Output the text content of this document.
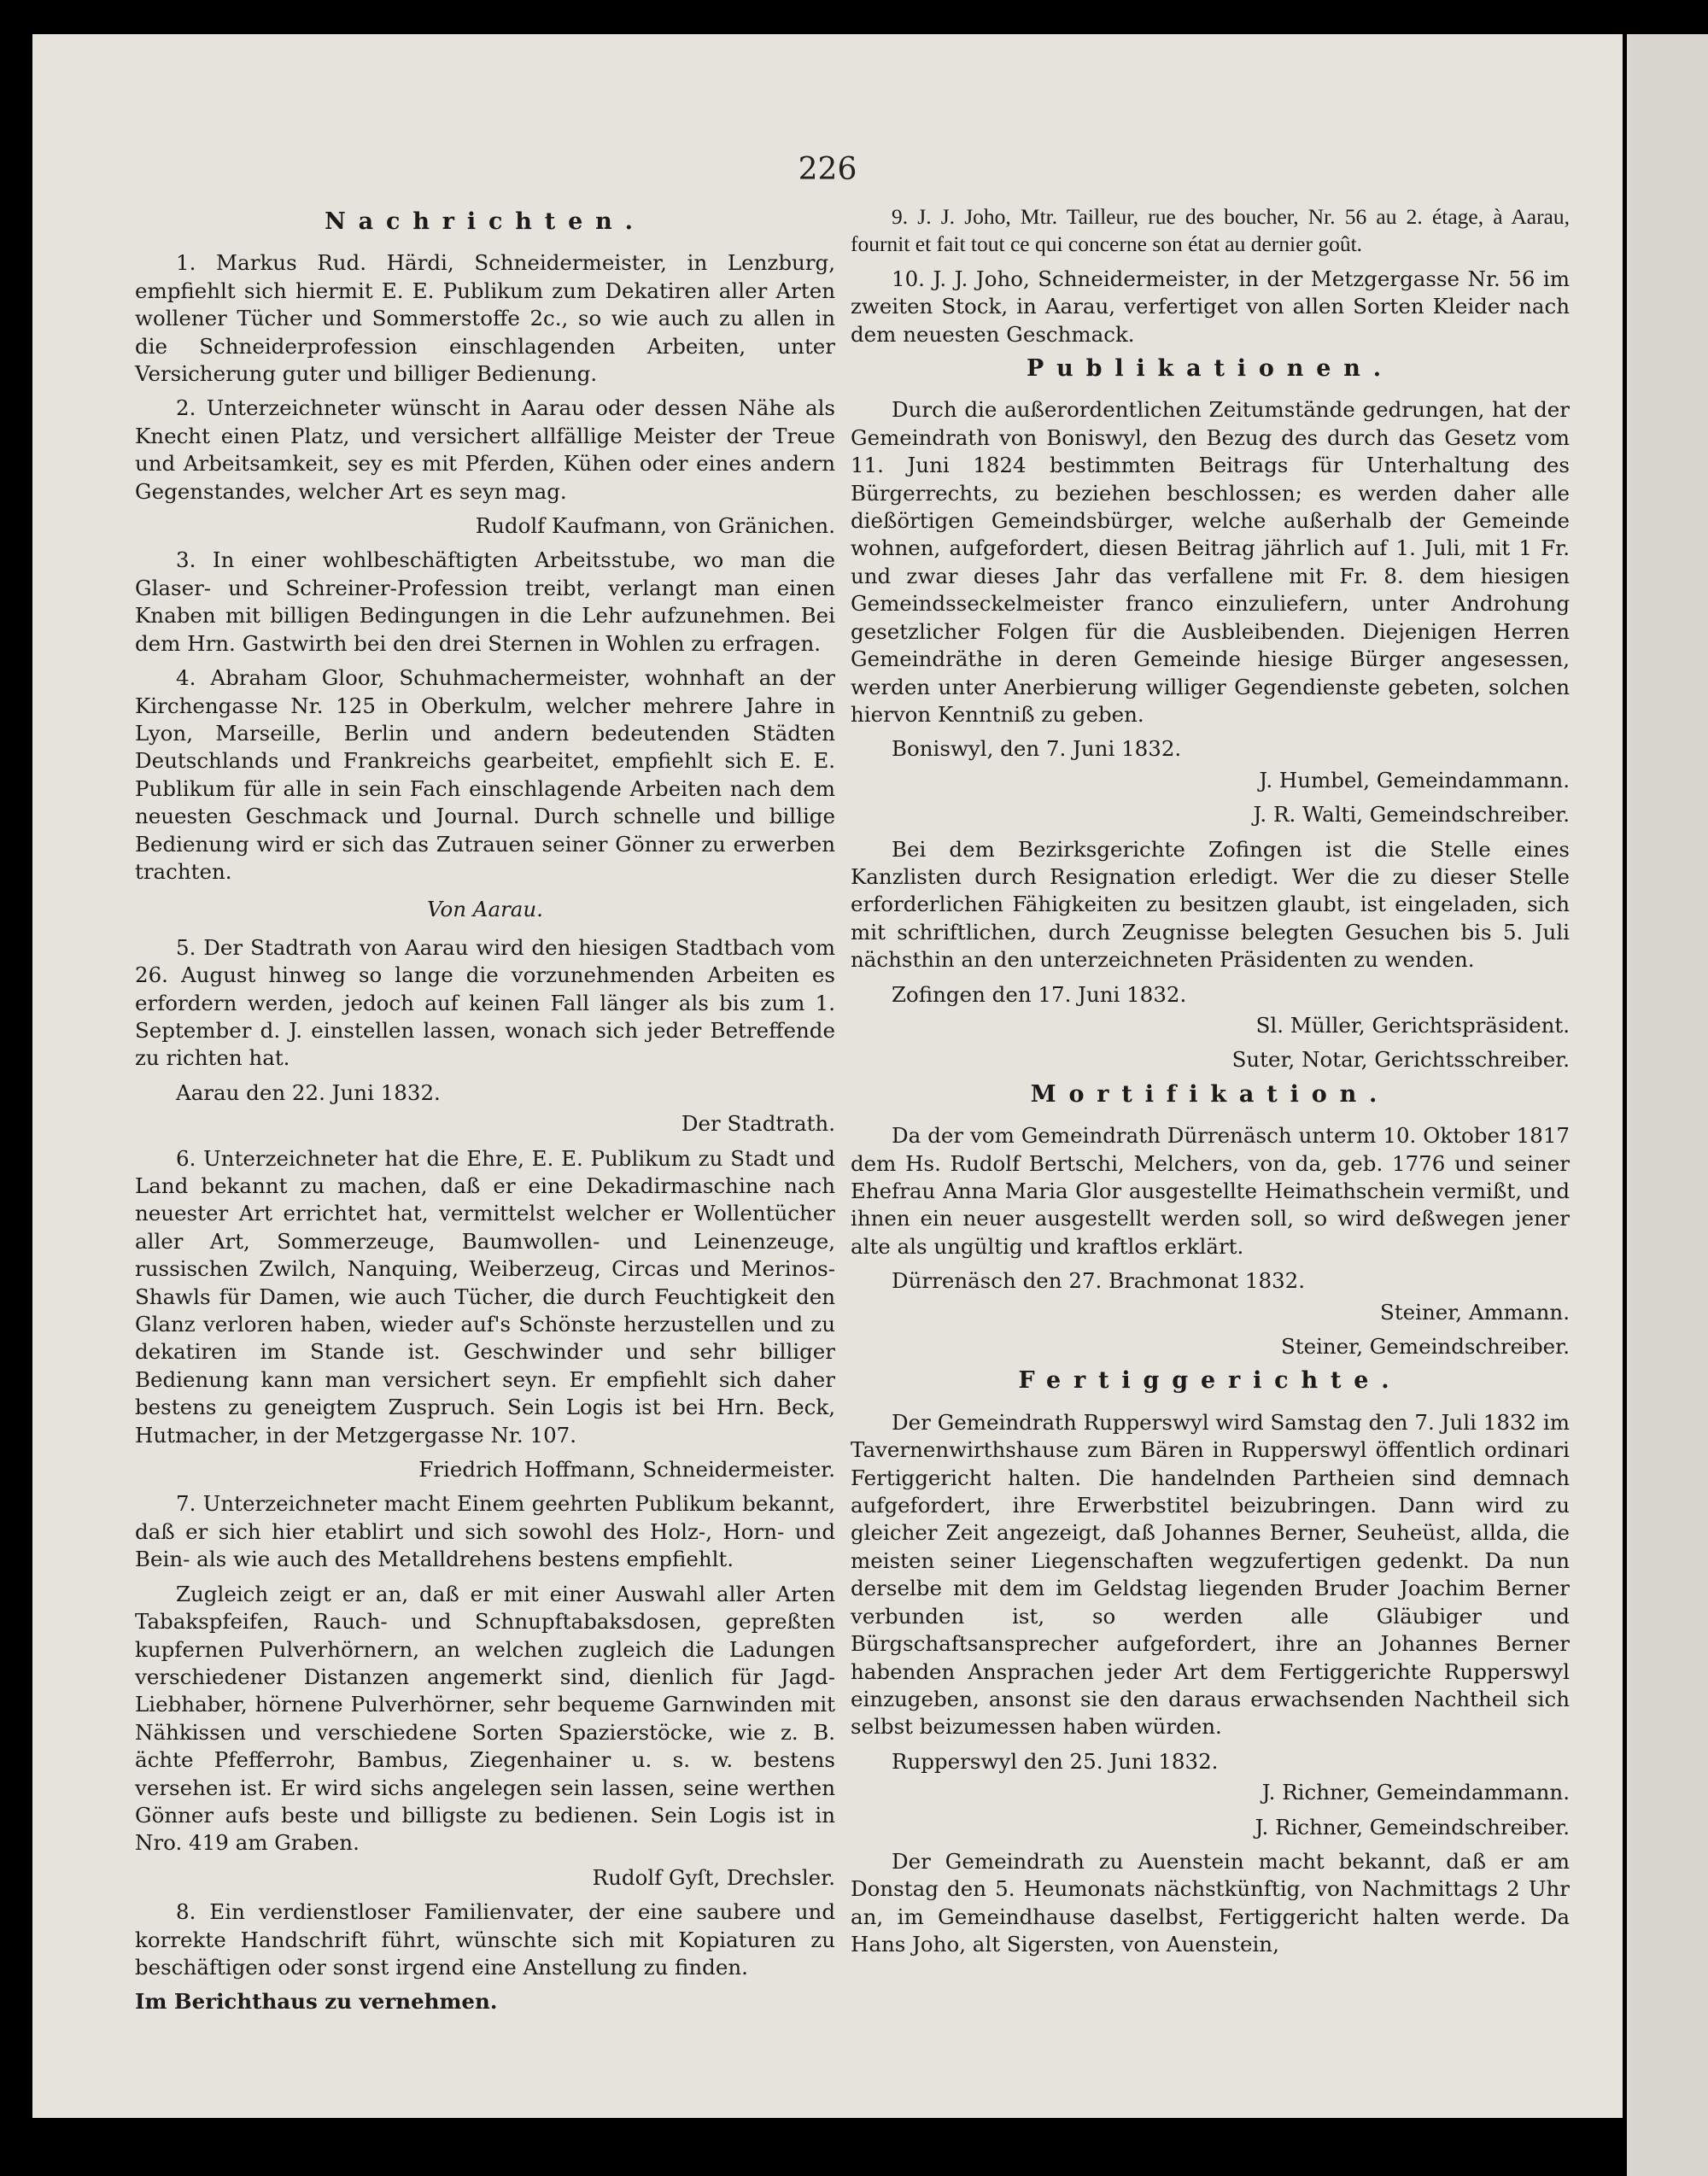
226
Nachrichten.

1. Markus Rud. Härdi, Schneidermeister, in Lenzburg, empfiehlt sich hiermit E. E. Publikum zum Dekatiren aller Arten wollener Tücher und Sommerstoffe 2c., so wie auch zu allen in die Schneiderprofession einschlagenden Arbeiten, unter Versicherung guter und billiger Bedienung.

2. Unterzeichneter wünscht in Aarau oder dessen Nähe als Knecht einen Platz, und versichert allfällige Meister der Treue und Arbeitsamkeit, sey es mit Pferden, Kühen oder eines andern Gegenstandes, welcher Art es seyn mag.

Rudolf Kaufmann, von Gränichen.

3. In einer wohlbeschäftigten Arbeitsstube, wo man die Glaser- und Schreiner-Profession treibt, verlangt man einen Knaben mit billigen Bedingungen in die Lehr aufzunehmen. Bei dem Hrn. Gastwirth bei den drei Sternen in Wohlen zu erfragen.

4. Abraham Gloor, Schuhmachermeister, wohnhaft an der Kirchengasse Nr. 125 in Oberkulm, welcher mehrere Jahre in Lyon, Marseille, Berlin und andern bedeutenden Städten Deutschlands und Frankreichs gearbeitet, empfiehlt sich E. E. Publikum für alle in sein Fach einschlagende Arbeiten nach dem neuesten Geschmack und Journal. Durch schnelle und billige Bedienung wird er sich das Zutrauen seiner Gönner zu erwerben trachten.

Von Aarau.

5. Der Stadtrath von Aarau wird den hiesigen Stadtbach vom 26. August hinweg so lange die vorzunehmenden Arbeiten es erfordern werden, jedoch auf keinen Fall länger als bis zum 1. September d. J. einstellen lassen, wonach sich jeder Betreffende zu richten hat.

Aarau den 22. Juni 1832.
Der Stadtrath.

6. Unterzeichneter hat die Ehre, E. E. Publikum zu Stadt und Land bekannt zu machen, daß er eine Dekadirmaschine nach neuester Art errichtet hat, vermittelst welcher er Wollentücher aller Art, Sommerzeuge, Baumwollen- und Leinenzeuge, russischen Zwilch, Nanquing, Weiberzeug, Circas und Merinos-Shawls für Damen, wie auch Tücher, die durch Feuchtigkeit den Glanz verloren haben, wieder auf's Schönste herzustellen und zu dekatiren im Stande ist. Geschwinder und sehr billiger Bedienung kann man versichert seyn. Er empfiehlt sich daher bestens zu geneigtem Zuspruch. Sein Logis ist bei Hrn. Beck, Hutmacher, in der Metzgergasse Nr. 107.

Friedrich Hoffmann, Schneidermeister.

7. Unterzeichneter macht Einem geehrten Publikum bekannt, daß er sich hier etablirt und sich sowohl des Holz-, Horn- und Bein- als wie auch des Metalldrehens bestens empfiehlt.

Zugleich zeigt er an, daß er mit einer Auswahl aller Arten Tabakspfeifen, Rauch- und Schnupftabaksdosen, gepreßten kupfernen Pulverhörnern, an welchen zugleich die Ladungen verschiedener Distanzen angemerkt sind, dienlich für Jagd-Liebhaber, hörnene Pulverhörner, sehr bequeme Garnwinden mit Nähkissen und verschiedene Sorten Spazierstöcke, wie z. B. ächte Pfefferrohr, Bambus, Ziegenhainer u. s. w. bestens versehen ist. Er wird sichs angelegen sein lassen, seine werthen Gönner aufs beste und billigste zu bedienen. Sein Logis ist in Nro. 419 am Graben.

Rudolf Gyſt, Drechsler.

8. Ein verdienstloser Familienvater, der eine saubere und korrekte Handschrift führt, wünschte sich mit Kopiaturen zu beschäftigen oder sonst irgend eine Anstellung zu finden.

Im Berichthaus zu vernehmen.

9. J. J. Joho, Mtr. Tailleur, rue des boucher, Nr. 56 au 2. étage, à Aarau, fournit et fait tout ce qui concerne son état au dernier goût.

10. J. J. Joho, Schneidermeister, in der Metzgergasse Nr. 56 im zweiten Stock, in Aarau, verfertiget von allen Sorten Kleider nach dem neuesten Geschmack.

Publikationen.

Durch die außerordentlichen Zeitumstände gedrungen, hat der Gemeindrath von Boniswyl, den Bezug des durch das Gesetz vom 11. Juni 1824 bestimmten Beitrags für Unterhaltung des Bürgerrechts, zu beziehen beschlossen; es werden daher alle dießörtigen Gemeindsbürger, welche außerhalb der Gemeinde wohnen, aufgefordert, diesen Beitrag jährlich auf 1. Juli, mit 1 Fr. und zwar dieses Jahr das verfallene mit Fr. 8. dem hiesigen Gemeindsseckelmeister franco einzuliefern, unter Androhung gesetzlicher Folgen für die Ausbleibenden. Diejenigen Herren Gemeindräthe in deren Gemeinde hiesige Bürger angesessen, werden unter Anerbierung williger Gegendienste gebeten, solchen hiervon Kenntniß zu geben.

Boniswyl, den 7. Juni 1832.
J. Humbel, Gemeindammann.
J. R. Walti, Gemeindschreiber.

Bei dem Bezirksgerichte Zofingen ist die Stelle eines Kanzlisten durch Resignation erledigt. Wer die zu dieser Stelle erforderlichen Fähigkeiten zu besitzen glaubt, ist eingeladen, sich mit schriftlichen, durch Zeugnisse belegten Gesuchen bis 5. Juli nächsthin an den unterzeichneten Präsidenten zu wenden.

Zofingen den 17. Juni 1832.
Sl. Müller, Gerichtspräsident.
Suter, Notar, Gerichtsschreiber.
Mortifikation.

Da der vom Gemeindrath Dürrenäsch unterm 10. Oktober 1817 dem Hs. Rudolf Bertschi, Melchers, von da, geb. 1776 und seiner Ehefrau Anna Maria Glor ausgestellte Heimathschein vermißt, und ihnen ein neuer ausgestellt werden soll, so wird deßwegen jener alte als ungültig und kraftlos erklärt.

Dürrenäsch den 27. Brachmonat 1832.
Steiner, Ammann.
Steiner, Gemeindschreiber.
Fertiggerichte.

Der Gemeindrath Rupperswyl wird Samstag den 7. Juli 1832 im Tavernenwirthshause zum Bären in Rupperswyl öffentlich ordinari Fertiggericht halten. Die handelnden Partheien sind demnach aufgefordert, ihre Erwerbstitel beizubringen. Dann wird zu gleicher Zeit angezeigt, daß Johannes Berner, Seuheüst, allda, die meisten seiner Liegenschaften wegzufertigen gedenkt. Da nun derselbe mit dem im Geldstag liegenden Bruder Joachim Berner verbunden ist, so werden alle Gläubiger und Bürgschaftsansprecher aufgefordert, ihre an Johannes Berner habenden Ansprachen jeder Art dem Fertiggerichte Rupperswyl einzugeben, ansonst sie den daraus erwachsenden Nachtheil sich selbst beizumessen haben würden.

Rupperswyl den 25. Juni 1832.
J. Richner, Gemeindammann.
J. Richner, Gemeindschreiber.

Der Gemeindrath zu Auenstein macht bekannt, daß er am Donstag den 5. Heumonats nächstkünftig, von Nachmittags 2 Uhr an, im Gemeindhause daselbst, Fertiggericht halten werde. Da Hans Joho, alt Sigersten, von Auenstein,
